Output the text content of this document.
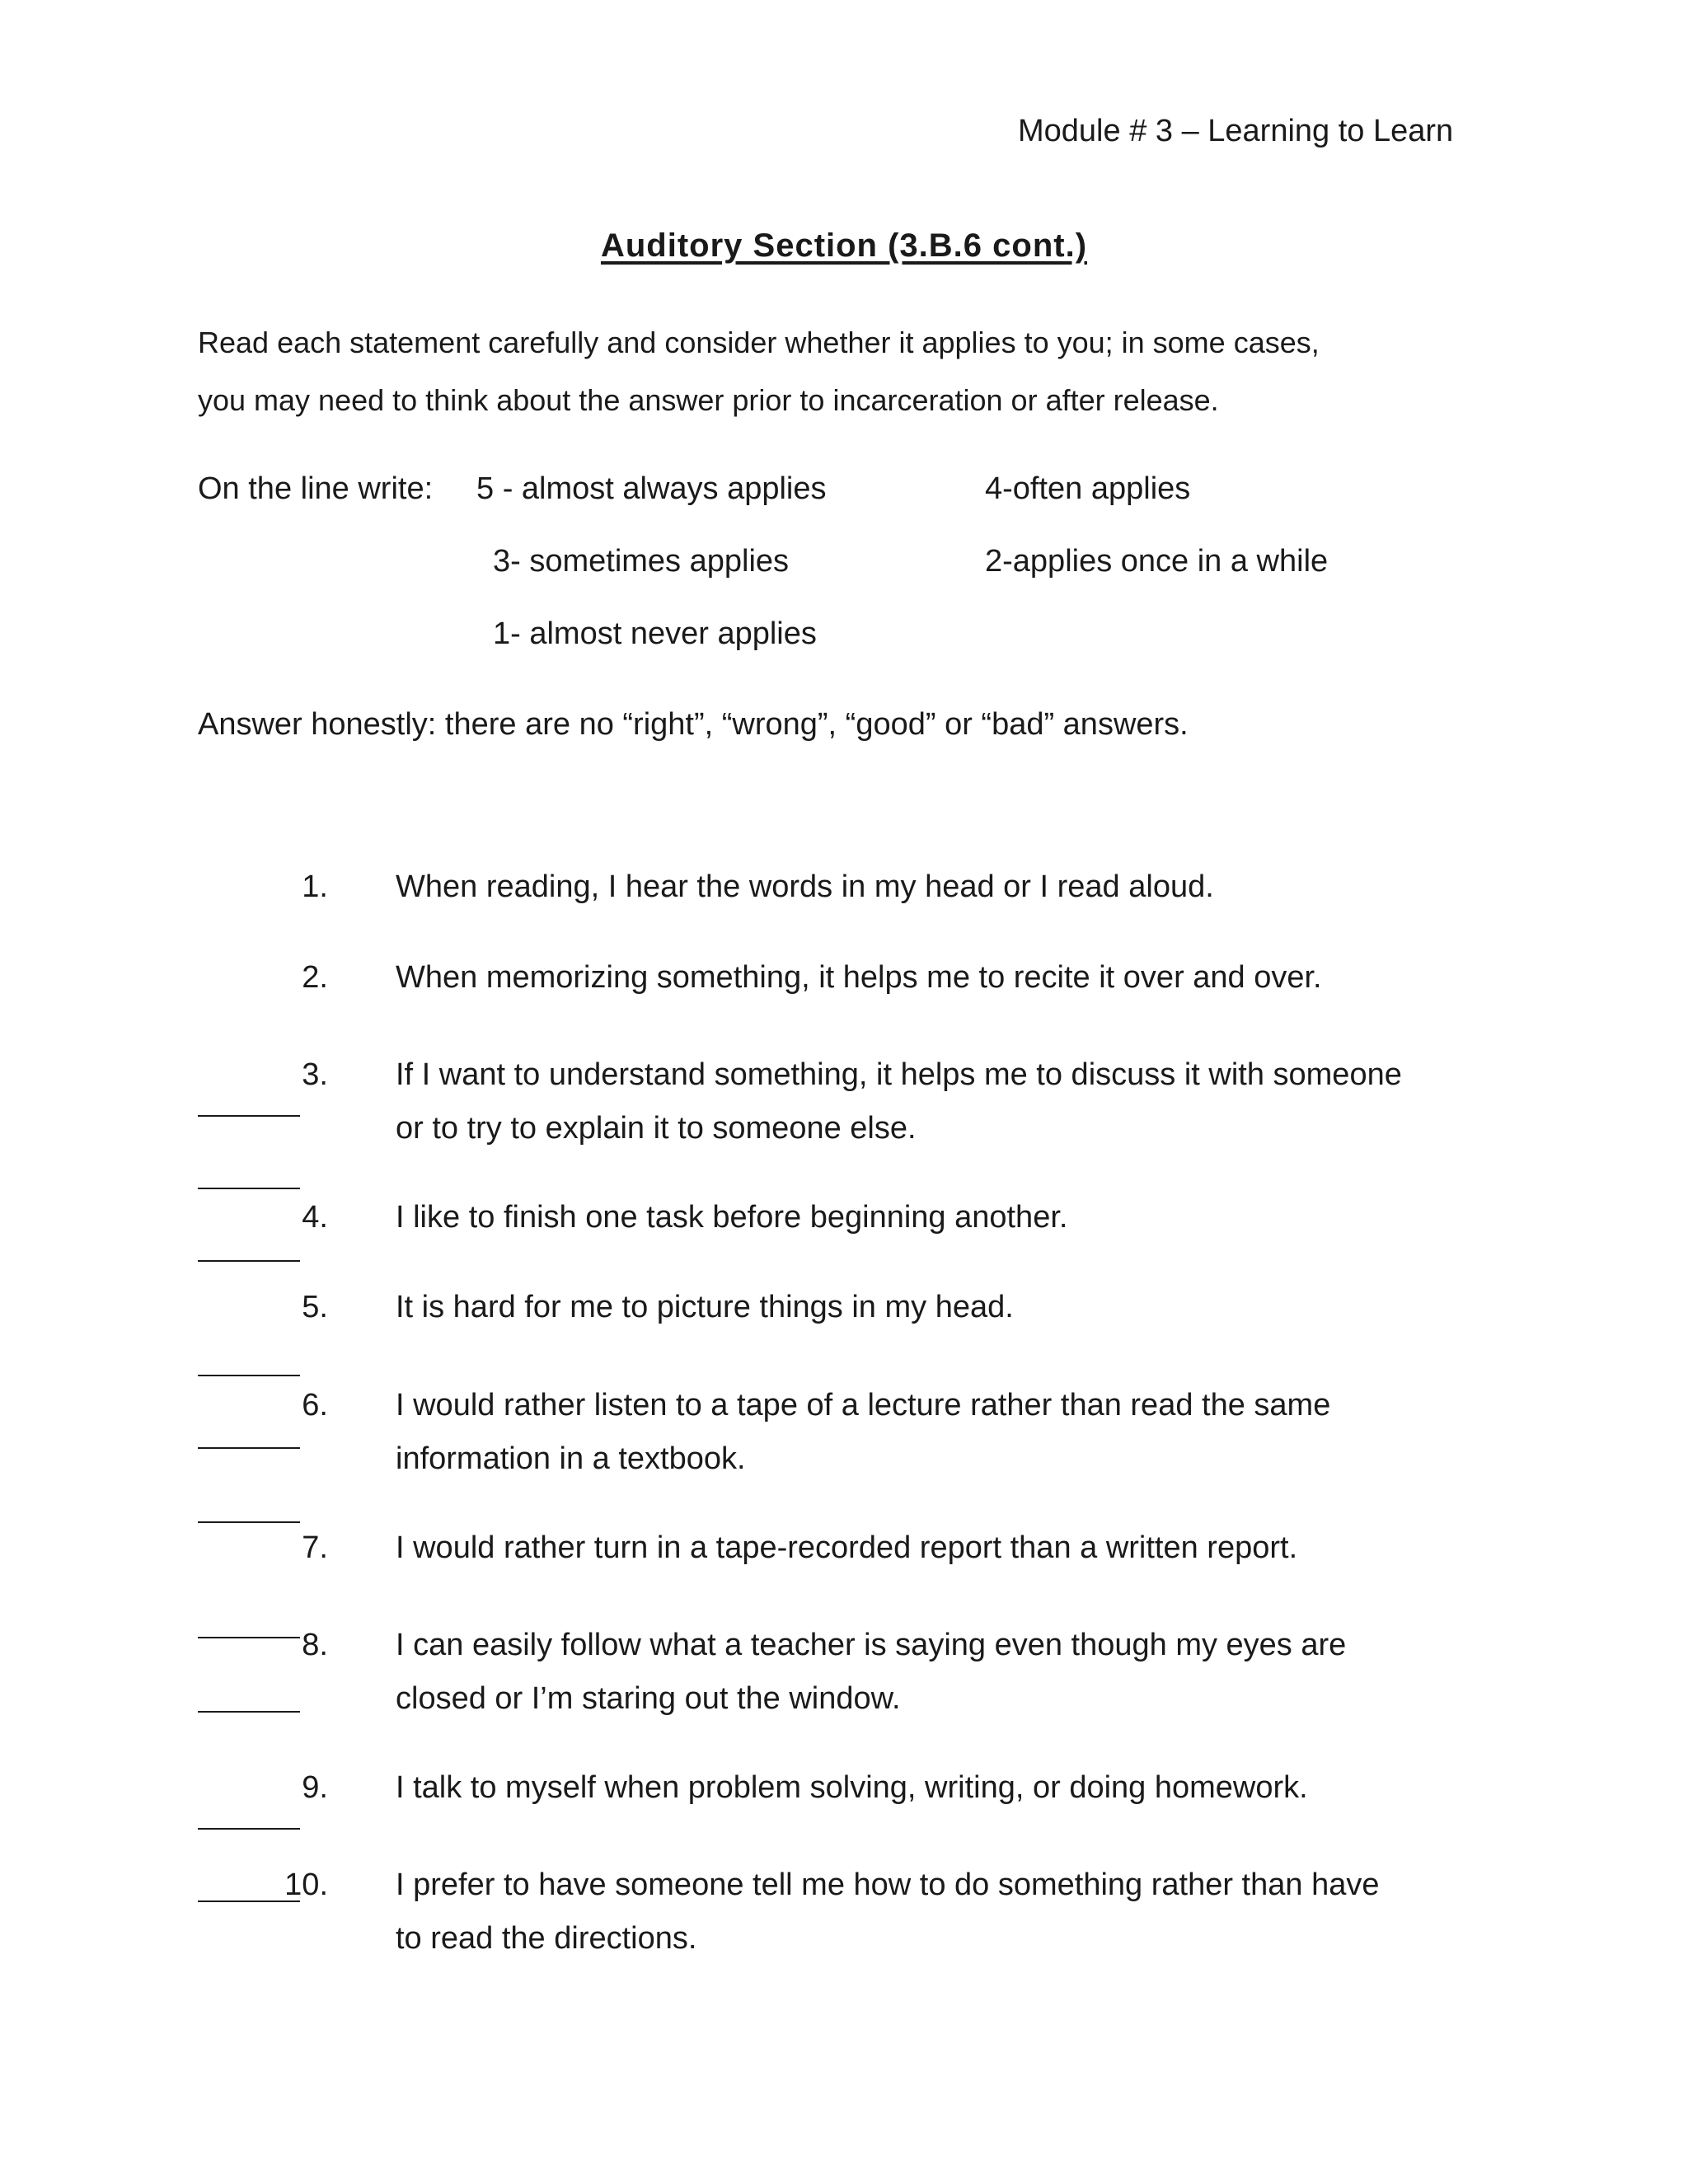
Module # 3 – Learning to Learn
Auditory Section (3.B.6 cont.)
Read each statement carefully and consider whether it applies to you; in some cases,
you may need to think about the answer prior to incarceration or after release.
On the line write: 5 - almost always applies	4-often applies
3- sometimes applies	2-applies once in a while
1- almost never applies
Answer honestly: there are no “right”, “wrong”, “good” or “bad” answers.
1. When reading, I hear the words in my head or I read aloud.
2. When memorizing something, it helps me to recite it over and over.
3. If I want to understand something, it helps me to discuss it with someone
or to try to explain it to someone else.
4. I like to finish one task before beginning another.
5. It is hard for me to picture things in my head.
6. I would rather listen to a tape of a lecture rather than read the same
information in a textbook.
7. I would rather turn in a tape-recorded report than a written report.
8. I can easily follow what a teacher is saying even though my eyes are
closed or I’m staring out the window.
9. I talk to myself when problem solving, writing, or doing homework.
10. I prefer to have someone tell me how to do something rather than have
to read the directions.
